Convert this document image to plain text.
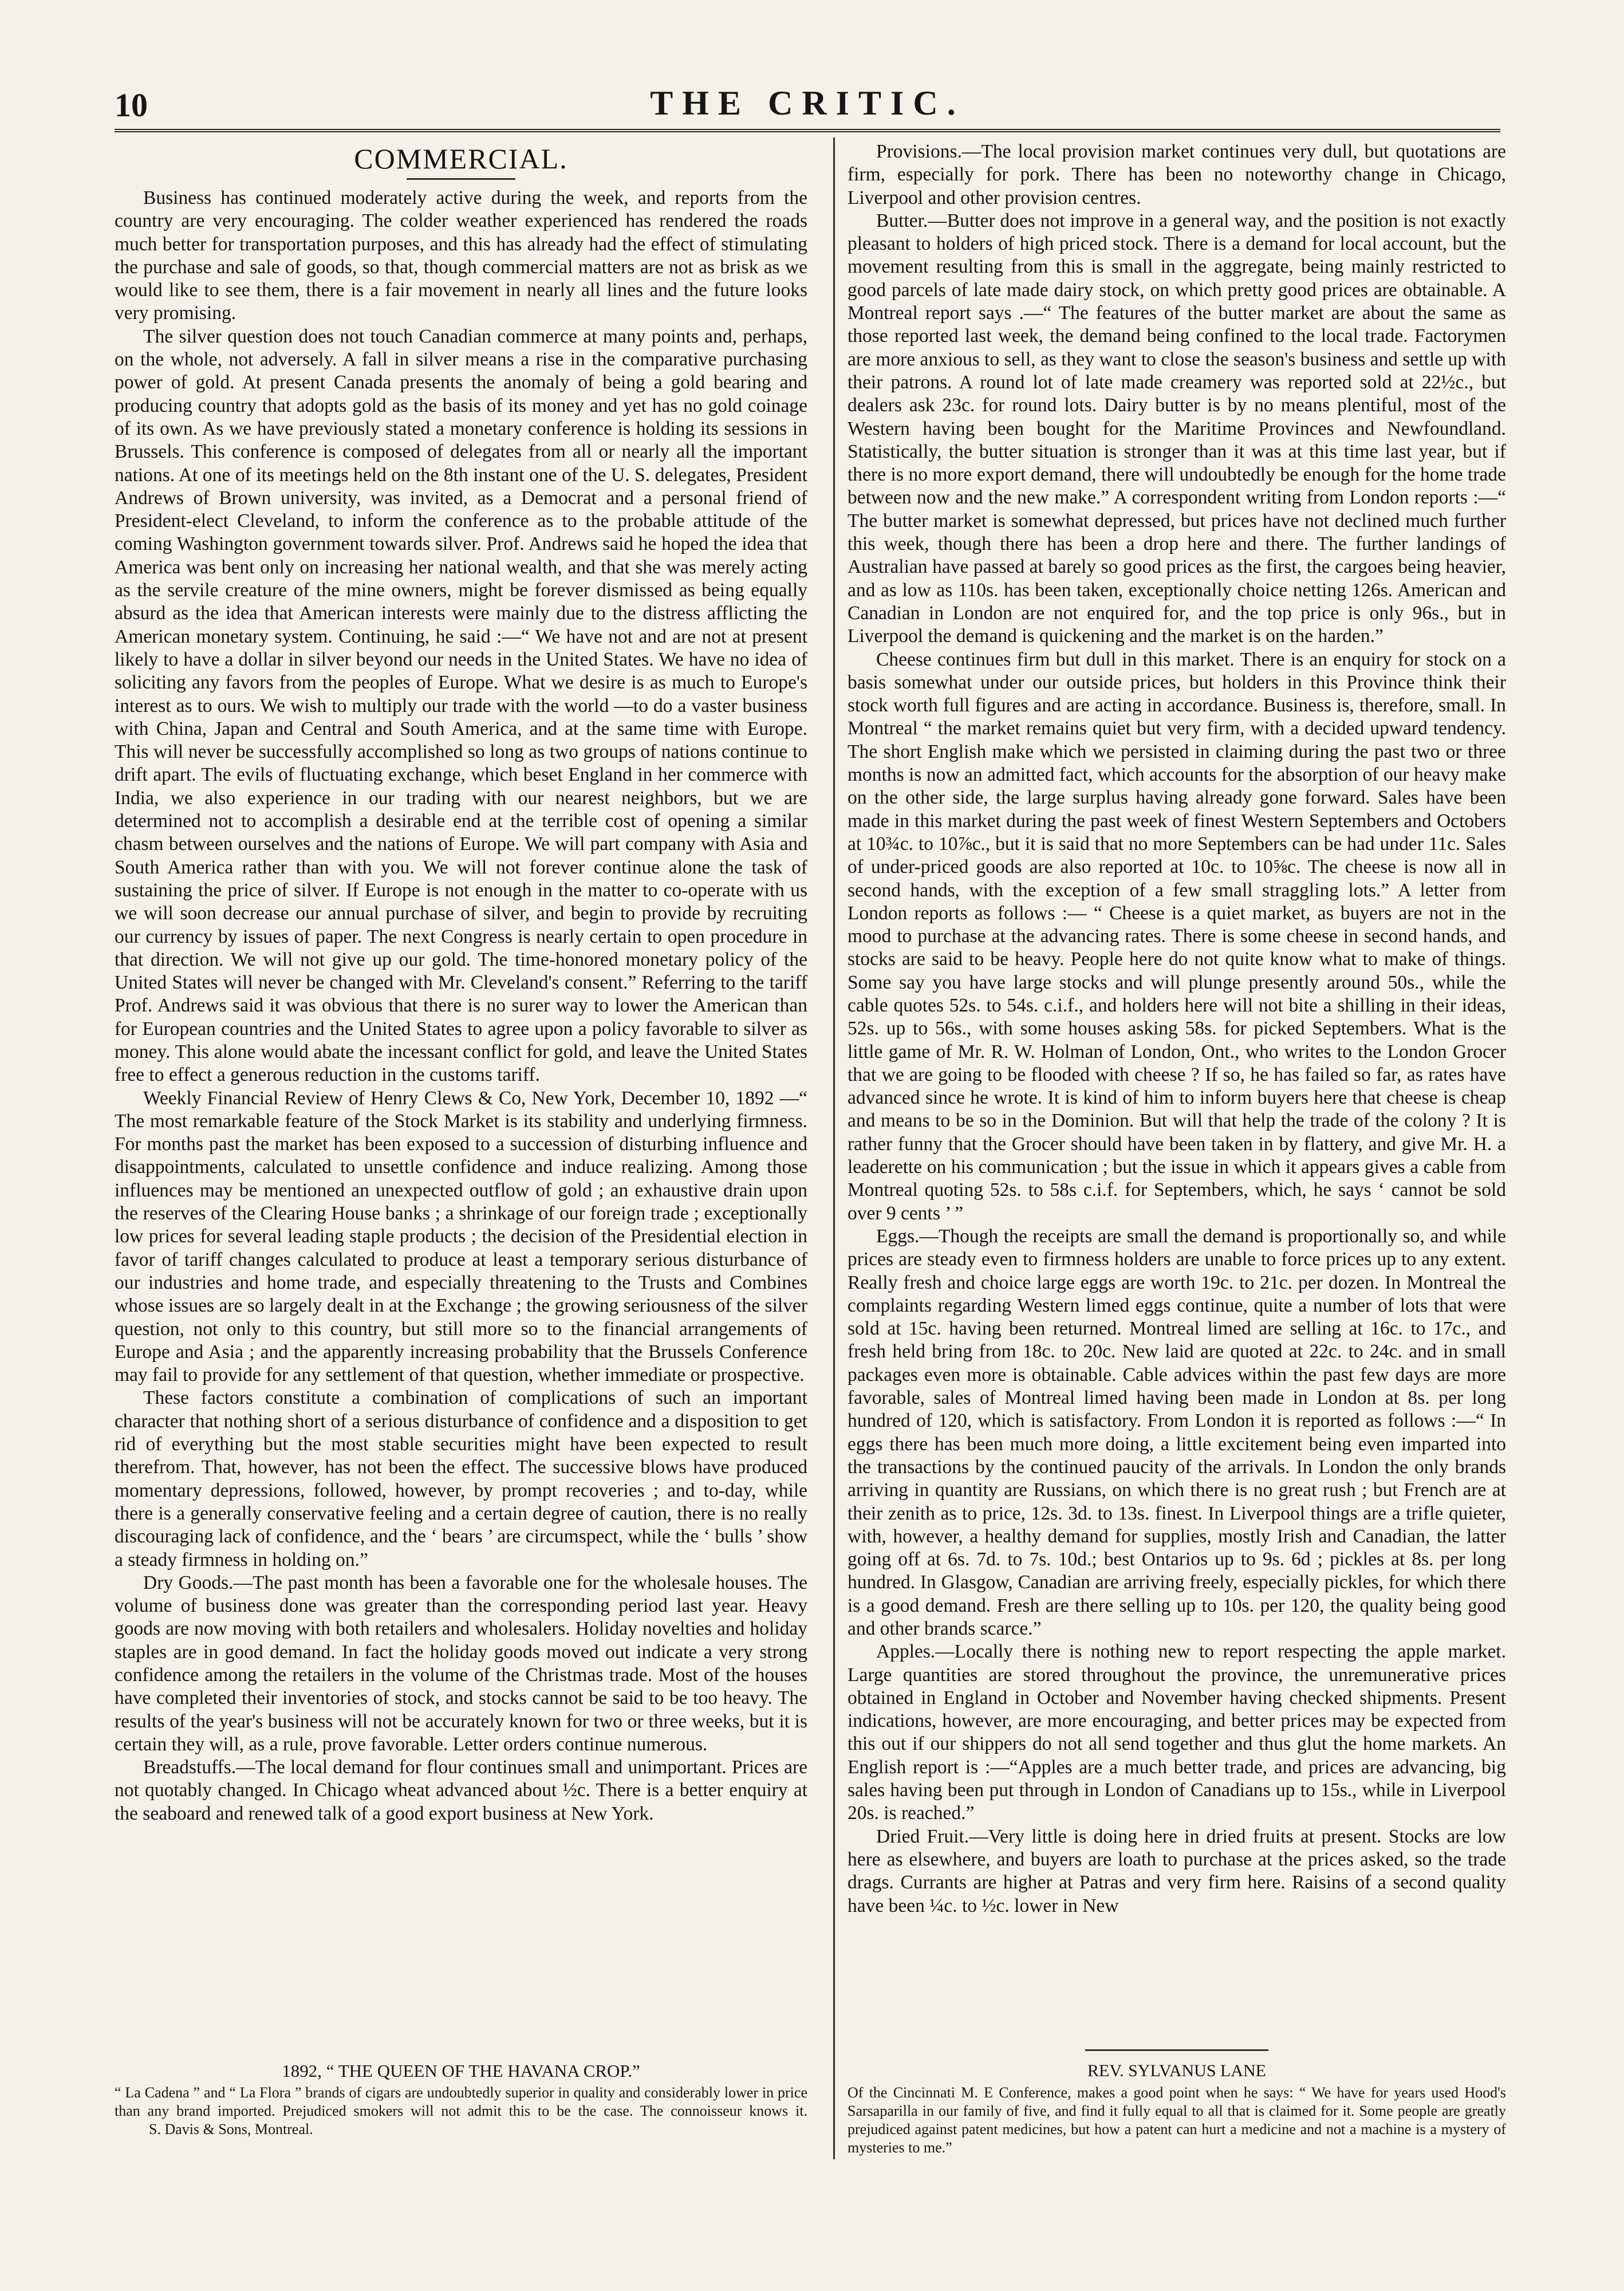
10	THE CRITIC.
COMMERCIAL.

Business has continued moderately active during the week, and reports from the country are very encouraging. The colder weather experienced has rendered the roads much better for transportation purposes, and this has already had the effect of stimulating the purchase and sale of goods, so that, though commercial matters are not as brisk as we would like to see them, there is a fair movement in nearly all lines and the future looks very promising.

The silver question does not touch Canadian commerce at many points and, perhaps, on the whole, not adversely. A fall in silver means a rise in the comparative purchasing power of gold. At present Canada presents the anomaly of being a gold bearing and producing country that adopts gold as the basis of its money and yet has no gold coinage of its own. As we have previously stated a monetary conference is holding its sessions in Brussels. This conference is composed of delegates from all or nearly all the important nations. At one of its meetings held on the 8th instant one of the U. S. delegates, President Andrews of Brown university, was invited, as a Democrat and a personal friend of President-elect Cleveland, to inform the conference as to the probable attitude of the coming Washington government towards silver. Prof. Andrews said he hoped the idea that America was bent only on increasing her national wealth, and that she was merely acting as the servile creature of the mine owners, might be forever dismissed as being equally absurd as the idea that American interests were mainly due to the distress afflicting the American monetary system. Continuing, he said :—“ We have not and are not at present likely to have a dollar in silver beyond our needs in the United States. We have no idea of soliciting any favors from the peoples of Europe. What we desire is as much to Europe's interest as to ours. We wish to multiply our trade with the world —to do a vaster business with China, Japan and Central and South America, and at the same time with Europe. This will never be successfully accomplished so long as two groups of nations continue to drift apart. The evils of fluctuating exchange, which beset England in her commerce with India, we also experience in our trading with our nearest neighbors, but we are determined not to accomplish a desirable end at the terrible cost of opening a similar chasm between ourselves and the nations of Europe. We will part company with Asia and South America rather than with you. We will not forever continue alone the task of sustaining the price of silver. If Europe is not enough in the matter to co-operate with us we will soon decrease our annual purchase of silver, and begin to provide by recruiting our currency by issues of paper. The next Congress is nearly certain to open procedure in that direction. We will not give up our gold. The time-honored monetary policy of the United States will never be changed with Mr. Cleveland's consent.” Referring to the tariff Prof. Andrews said it was obvious that there is no surer way to lower the American than for European countries and the United States to agree upon a policy favorable to silver as money. This alone would abate the incessant conflict for gold, and leave the United States free to effect a generous reduction in the customs tariff.

Weekly Financial Review of Henry Clews & Co, New York, December 10, 1892 —“ The most remarkable feature of the Stock Market is its stability and underlying firmness. For months past the market has been exposed to a succession of disturbing influence and disappointments, calculated to unsettle confidence and induce realizing. Among those influences may be mentioned an unexpected outflow of gold ; an exhaustive drain upon the reserves of the Clearing House banks ; a shrinkage of our foreign trade ; exceptionally low prices for several leading staple products ; the decision of the Presidential election in favor of tariff changes calculated to produce at least a temporary serious disturbance of our industries and home trade, and especially threatening to the Trusts and Combines whose issues are so largely dealt in at the Exchange ; the growing seriousness of the silver question, not only to this country, but still more so to the financial arrangements of Europe and Asia ; and the apparently increasing probability that the Brussels Conference may fail to provide for any settlement of that question, whether immediate or prospective.

These factors constitute a combination of complications of such an important character that nothing short of a serious disturbance of confidence and a disposition to get rid of everything but the most stable securities might have been expected to result therefrom. That, however, has not been the effect. The successive blows have produced momentary depressions, followed, however, by prompt recoveries ; and to-day, while there is a generally conservative feeling and a certain degree of caution, there is no really discouraging lack of confidence, and the ‘ bears ’ are circumspect, while the ‘ bulls ’ show a steady firmness in holding on.”

Dry Goods.—The past month has been a favorable one for the wholesale houses. The volume of business done was greater than the corresponding period last year. Heavy goods are now moving with both retailers and wholesalers. Holiday novelties and holiday staples are in good demand. In fact the holiday goods moved out indicate a very strong confidence among the retailers in the volume of the Christmas trade. Most of the houses have completed their inventories of stock, and stocks cannot be said to be too heavy. The results of the year's business will not be accurately known for two or three weeks, but it is certain they will, as a rule, prove favorable. Letter orders continue numerous.

Breadstuffs.—The local demand for flour continues small and unimportant. Prices are not quotably changed. In Chicago wheat advanced about ½c. There is a better enquiry at the seaboard and renewed talk of a good export business at New York.

Provisions.—The local provision market continues very dull, but quotations are firm, especially for pork. There has been no noteworthy change in Chicago, Liverpool and other provision centres.

Butter.—Butter does not improve in a general way, and the position is not exactly pleasant to holders of high priced stock. There is a demand for local account, but the movement resulting from this is small in the aggregate, being mainly restricted to good parcels of late made dairy stock, on which pretty good prices are obtainable. A Montreal report says .—“ The features of the butter market are about the same as those reported last week, the demand being confined to the local trade. Factorymen are more anxious to sell, as they want to close the season's business and settle up with their patrons. A round lot of late made creamery was reported sold at 22½c., but dealers ask 23c. for round lots. Dairy butter is by no means plentiful, most of the Western having been bought for the Maritime Provinces and Newfoundland. Statistically, the butter situation is stronger than it was at this time last year, but if there is no more export demand, there will undoubtedly be enough for the home trade between now and the new make.” A correspondent writing from London reports :—“ The butter market is somewhat depressed, but prices have not declined much further this week, though there has been a drop here and there. The further landings of Australian have passed at barely so good prices as the first, the cargoes being heavier, and as low as 110s. has been taken, exceptionally choice netting 126s. American and Canadian in London are not enquired for, and the top price is only 96s., but in Liverpool the demand is quickening and the market is on the harden.”

Cheese continues firm but dull in this market. There is an enquiry for stock on a basis somewhat under our outside prices, but holders in this Province think their stock worth full figures and are acting in accordance. Business is, therefore, small. In Montreal “ the market remains quiet but very firm, with a decided upward tendency. The short English make which we persisted in claiming during the past two or three months is now an admitted fact, which accounts for the absorption of our heavy make on the other side, the large surplus having already gone forward. Sales have been made in this market during the past week of finest Western Septembers and Octobers at 10¾c. to 10⅞c., but it is said that no more Septembers can be had under 11c. Sales of under-priced goods are also reported at 10c. to 10⅝c. The cheese is now all in second hands, with the exception of a few small straggling lots.” A letter from London reports as follows :— “ Cheese is a quiet market, as buyers are not in the mood to purchase at the advancing rates. There is some cheese in second hands, and stocks are said to be heavy. People here do not quite know what to make of things. Some say you have large stocks and will plunge presently around 50s., while the cable quotes 52s. to 54s. c.i.f., and holders here will not bite a shilling in their ideas, 52s. up to 56s., with some houses asking 58s. for picked Septembers. What is the little game of Mr. R. W. Holman of London, Ont., who writes to the London Grocer that we are going to be flooded with cheese ? If so, he has failed so far, as rates have advanced since he wrote. It is kind of him to inform buyers here that cheese is cheap and means to be so in the Dominion. But will that help the trade of the colony ? It is rather funny that the Grocer should have been taken in by flattery, and give Mr. H. a leaderette on his communication ; but the issue in which it appears gives a cable from Montreal quoting 52s. to 58s c.i.f. for Septembers, which, he says ‘ cannot be sold over 9 cents ’ ”

Eggs.—Though the receipts are small the demand is proportionally so, and while prices are steady even to firmness holders are unable to force prices up to any extent. Really fresh and choice large eggs are worth 19c. to 21c. per dozen. In Montreal the complaints regarding Western limed eggs continue, quite a number of lots that were sold at 15c. having been returned. Montreal limed are selling at 16c. to 17c., and fresh held bring from 18c. to 20c. New laid are quoted at 22c. to 24c. and in small packages even more is obtainable. Cable advices within the past few days are more favorable, sales of Montreal limed having been made in London at 8s. per long hundred of 120, which is satisfactory. From London it is reported as follows :—“ In eggs there has been much more doing, a little excitement being even imparted into the transactions by the continued paucity of the arrivals. In London the only brands arriving in quantity are Russians, on which there is no great rush ; but French are at their zenith as to price, 12s. 3d. to 13s. finest. In Liverpool things are a trifle quieter, with, however, a healthy demand for supplies, mostly Irish and Canadian, the latter going off at 6s. 7d. to 7s. 10d.; best Ontarios up to 9s. 6d ; pickles at 8s. per long hundred. In Glasgow, Canadian are arriving freely, especially pickles, for which there is a good demand. Fresh are there selling up to 10s. per 120, the quality being good and other brands scarce.”

Apples.—Locally there is nothing new to report respecting the apple market. Large quantities are stored throughout the province, the unremunerative prices obtained in England in October and November having checked shipments. Present indications, however, are more encouraging, and better prices may be expected from this out if our shippers do not all send together and thus glut the home markets. An English report is :—“Apples are a much better trade, and prices are advancing, big sales having been put through in London of Canadians up to 15s., while in Liverpool 20s. is reached.”

Dried Fruit.—Very little is doing here in dried fruits at present. Stocks are low here as elsewhere, and buyers are loath to purchase at the prices asked, so the trade drags. Currants are higher at Patras and very firm here. Raisins of a second quality have been ¼c. to ½c. lower in New

1892, “ THE QUEEN OF THE HAVANA CROP.”
“ La Cadena ” and “ La Flora ” brands of cigars are undoubtedly superior in quality and considerably lower in price than any brand imported. Prejudiced smokers will not admit this to be the case. The connoisseur knows it. S. Davis & Sons, Montreal.
REV. SYLVANUS LANE
Of the Cincinnati M. E Conference, makes a good point when he says: “ We have for years used Hood's Sarsaparilla in our family of five, and find it fully equal to all that is claimed for it. Some people are greatly prejudiced against patent medicines, but how a patent can hurt a medicine and not a machine is a mystery of mysteries to me.”
